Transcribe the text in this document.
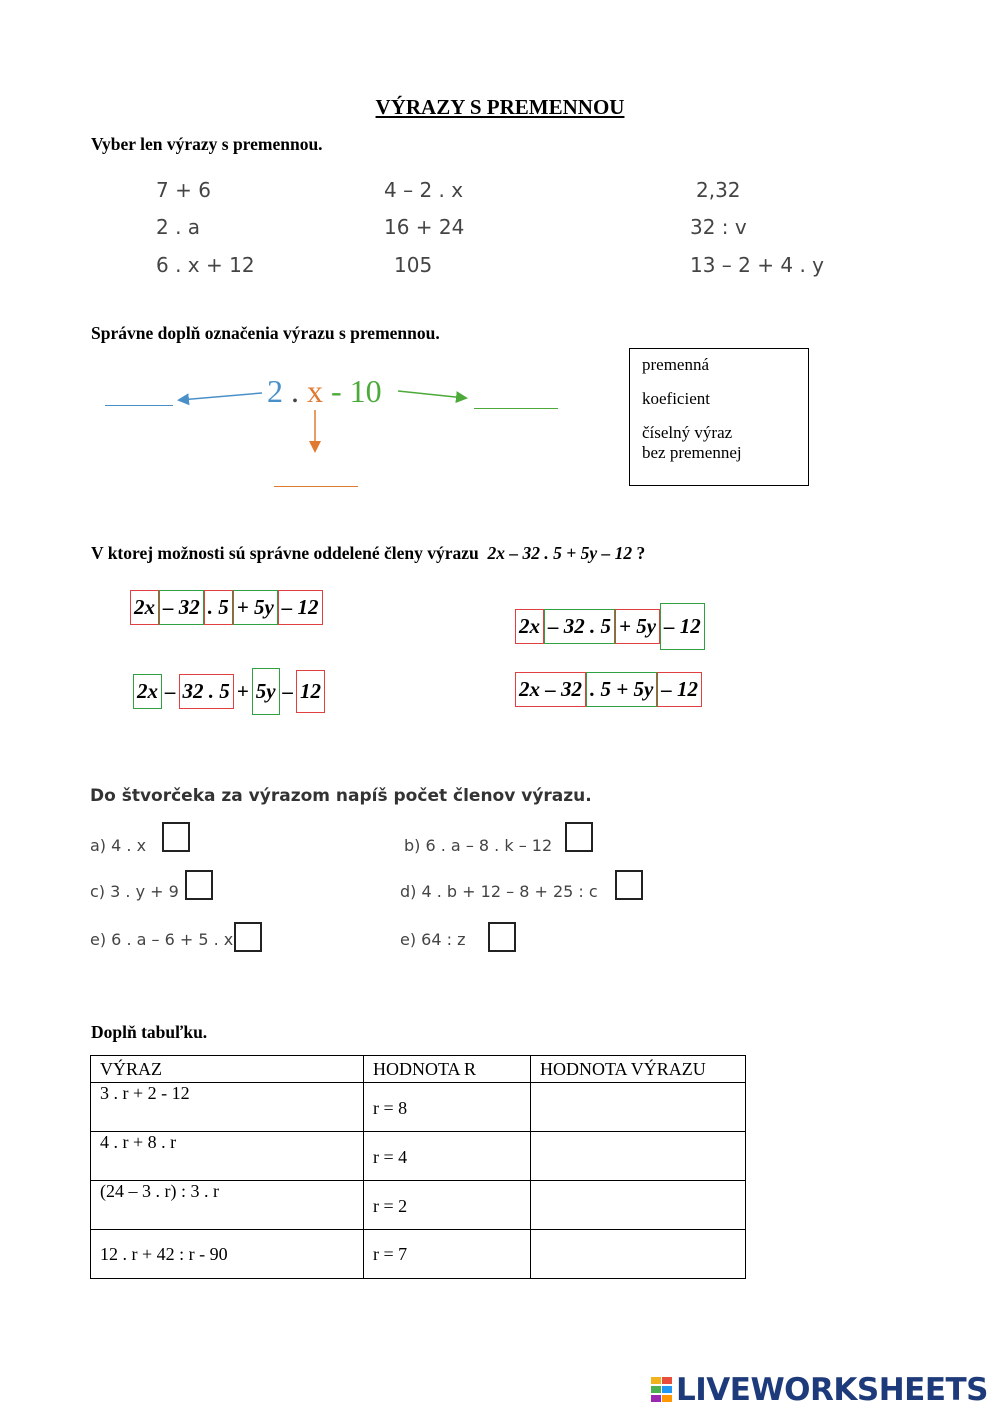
VÝRAZY S PREMENNOU
Vyber len výrazy s premennou.
7 + 6	4 – 2 . x	2,32
2 . a	16 + 24	32 : v
6 . x + 12	105	13 – 2 + 4 . y
Správne doplň označenia výrazu s premennou.
2 . x - 10
premenná
koeficient
číselný výraz
bez premennej
V ktorej možnosti sú správne oddelené členy výrazu 2x – 32 . 5 + 5y – 12 ?
2x – 32 . 5 + 5y – 12
2x – 32 . 5 + 5y – 12
2x – 32 . 5 + 5y – 12	2x – 32 . 5 + 5y – 12
Do štvorčeka za výrazom napíš počet členov výrazu.
a) 4 . x	b) 6 . a – 8 . k – 12
c) 3 . y + 9	d) 4 . b + 12 – 8 + 25 : c
e) 6 . a – 6 + 5 . x	e) 64 : z
Doplň tabuľku.
VÝRAZ	HODNOTA R	HODNOTA VÝRAZU
3 . r + 2 - 12	r = 8	

4 . r + 8 . r	r = 4	

(24 – 3 . r) : 3 . r	r = 2	

12 . r + 42 : r - 90	r = 7	
LIVEWORKSHEETS
